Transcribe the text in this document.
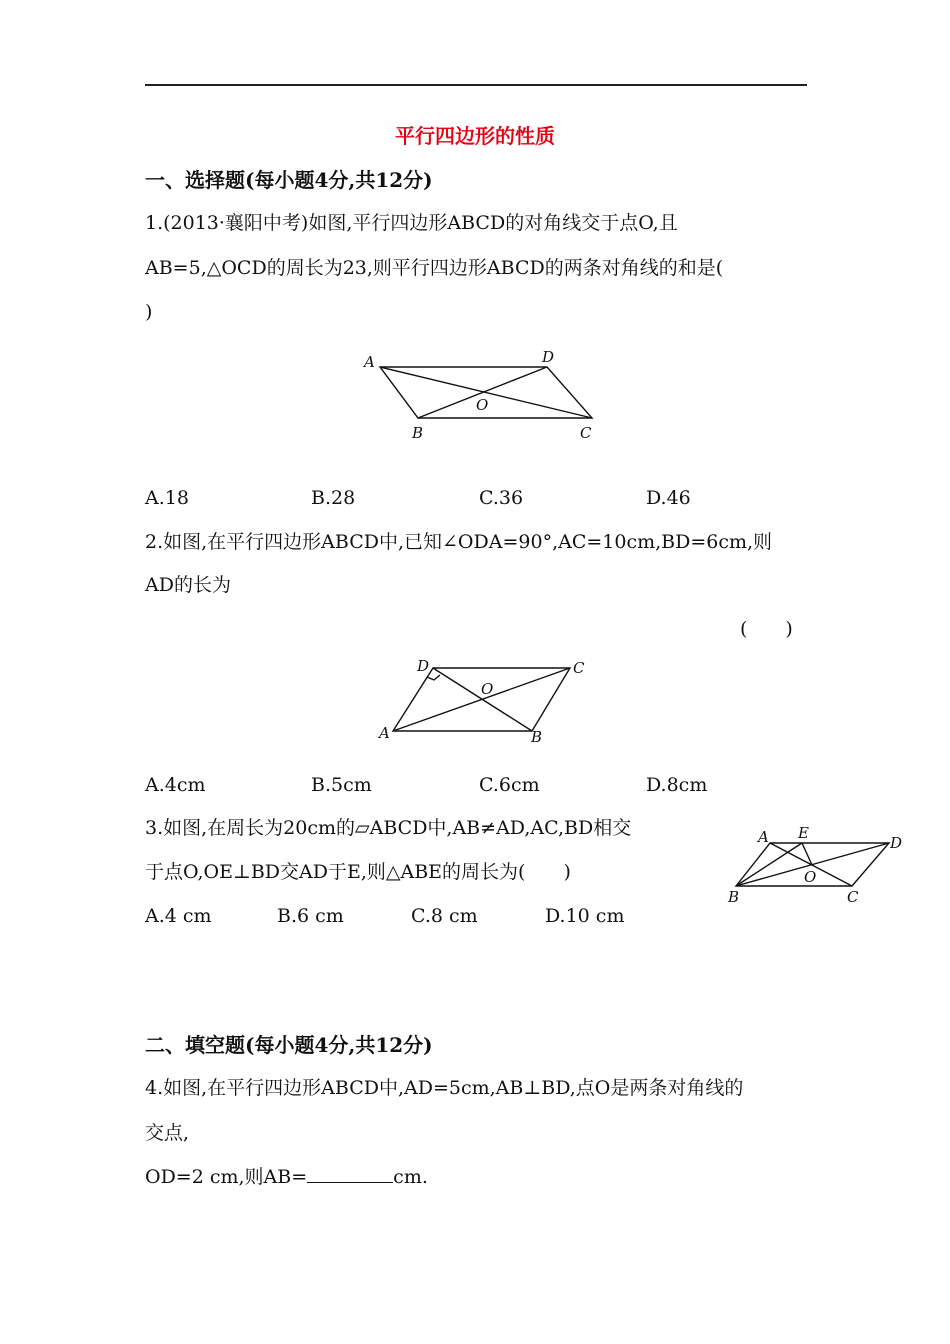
平行四边形的性质
一、选择题(每小题4分,共12分)
1.(2013·襄阳中考)如图,平行四边形ABCD的对角线交于点O,且
AB=5,△OCD的周长为23,则平行四边形ABCD的两条对角线的和是(
)
A	D
O
B	C
A.18	B.28	C.36	D.46
2.如图,在平行四边形ABCD中,已知∠ODA=90°,AC=10cm,BD=6cm,则
AD的长为
(　　)
D	C
O
A	B
A.4cm	B.5cm	C.6cm	D.8cm
3.如图,在周长为20cm的▱ABCD中,AB≠AD,AC,BD相交
于点O,OE⊥BD交AD于E,则△ABE的周长为(　　)
A.4 cm	B.6 cm	C.8 cm	D.10 cm
A E
D
O
B	C
二、填空题(每小题4分,共12分)
4.如图,在平行四边形ABCD中,AD=5cm,AB⊥BD,点O是两条对角线的
交点,
OD=2 cm,则AB=	cm.
